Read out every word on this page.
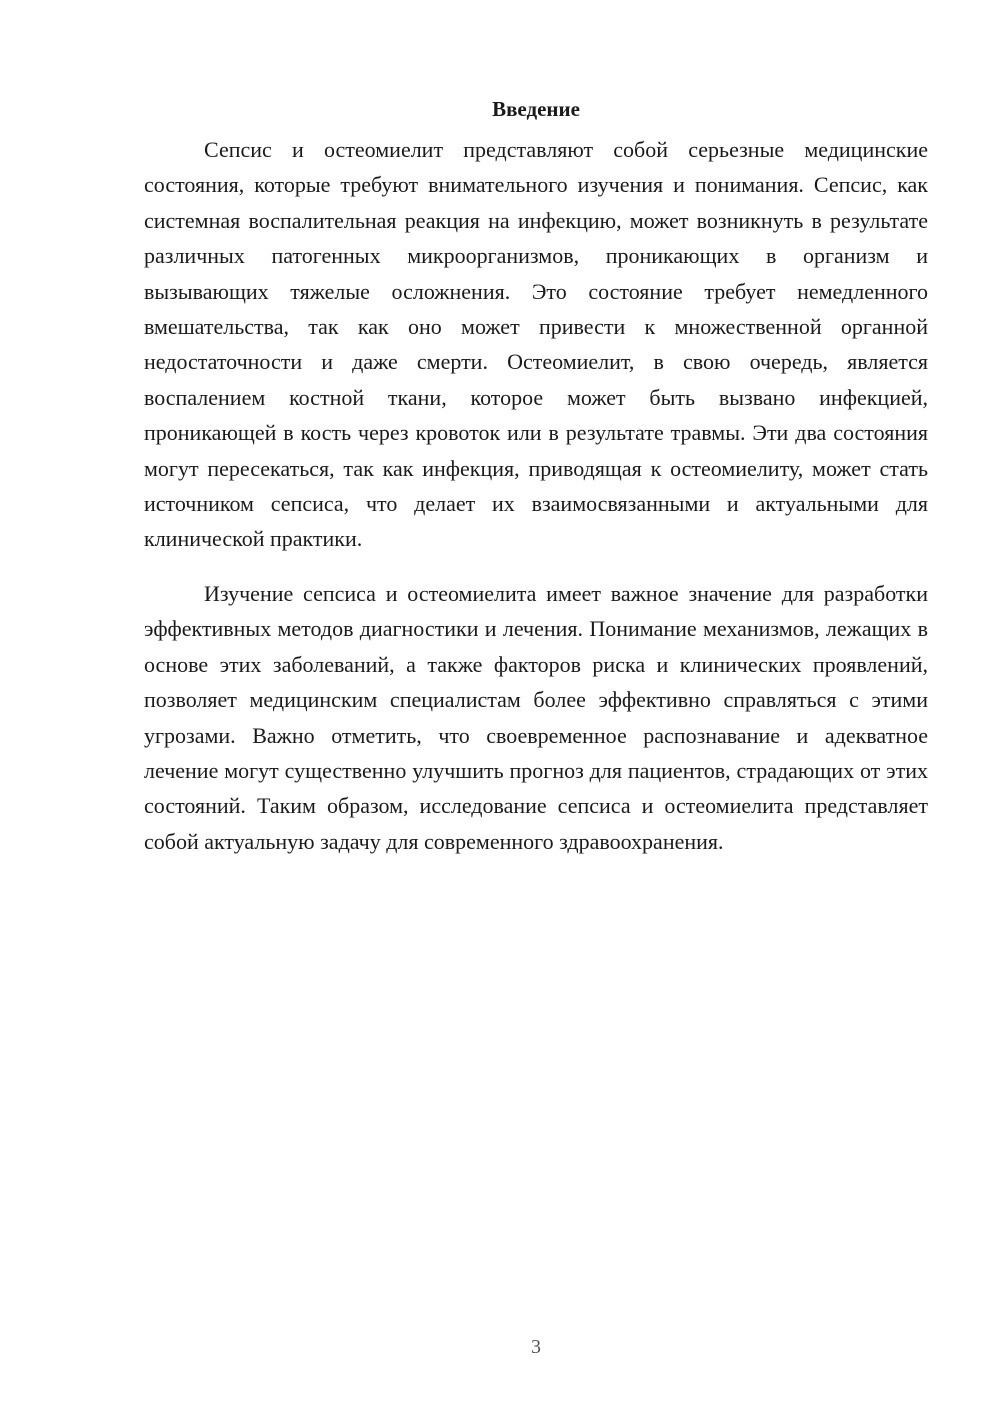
Введение

Сепсис и остеомиелит представляют собой серьезные медицинские состояния, которые требуют внимательного изучения и понимания. Сепсис, как системная воспалительная реакция на инфекцию, может возникнуть в результате различных патогенных микроорганизмов, проникающих в организм и вызывающих тяжелые осложнения. Это состояние требует немедленного вмешательства, так как оно может привести к множественной органной недостаточности и даже смерти. Остеомиелит, в свою очередь, является воспалением костной ткани, которое может быть вызвано инфекцией, проникающей в кость через кровоток или в результате травмы. Эти два состояния могут пересекаться, так как инфекция, приводящая к остеомиелиту, может стать источником сепсиса, что делает их взаимосвязанными и актуальными для клинической практики.

Изучение сепсиса и остеомиелита имеет важное значение для разработки эффективных методов диагностики и лечения. Понимание механизмов, лежащих в основе этих заболеваний, а также факторов риска и клинических проявлений, позволяет медицинским специалистам более эффективно справляться с этими угрозами. Важно отметить, что своевременное распознавание и адекватное лечение могут существенно улучшить прогноз для пациентов, страдающих от этих состояний. Таким образом, исследование сепсиса и остеомиелита представляет собой актуальную задачу для современного здравоохранения.

3
